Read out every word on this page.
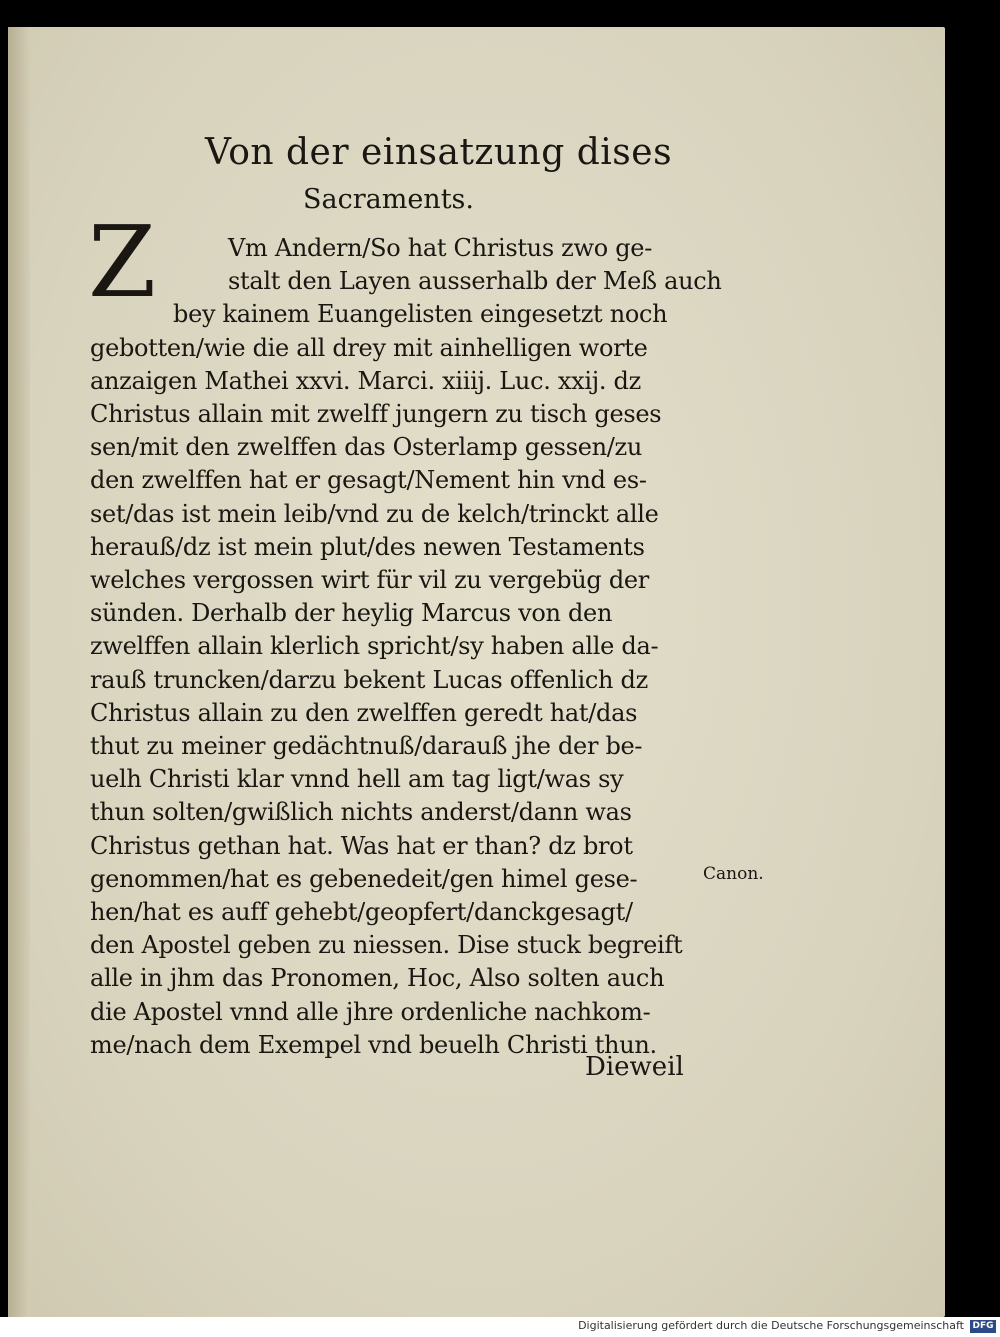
Von der einsatzung dises
Sacraments.
Z	Vm Andern/So hat Christus zwo ge-
stalt den Layen ausserhalb der Meß auch
bey kainem Euangelisten eingesetzt noch
gebotten/wie die all drey mit ainhelligen worte
anzaigen Mathei xxvi. Marci. xiiij. Luc. xxij. dz
Christus allain mit zwelff jungern zu tisch geses
sen/mit den zwelffen das Osterlamp gessen/zu
den zwelffen hat er gesagt/Nement hin vnd es-
set/das ist mein leib/vnd zu de kelch/trinckt alle
herauß/dz ist mein plut/des newen Testaments
welches vergossen wirt für vil zu vergebüg der
sünden. Derhalb der heylig Marcus von den
zwelffen allain klerlich spricht/sy haben alle da-
rauß truncken/darzu bekent Lucas offenlich dz
Christus allain zu den zwelffen geredt hat/das
thut zu meiner gedächtnuß/darauß jhe der be-
uelh Christi klar vnnd hell am tag ligt/was sy
thun solten/gwißlich nichts anderst/dann was
Christus gethan hat. Was hat er than? dz brot
genommen/hat es gebenedeit/gen himel gese-
hen/hat es auff gehebt/geopfert/danckgesagt/
den Apostel geben zu niessen. Dise stuck begreift
alle in jhm das Pronomen, Hoc, Also solten auch
die Apostel vnnd alle jhre ordenliche nachkom-
me/nach dem Exempel vnd beuelh Christi thun.
Canon.
Dieweil
Digitalisierung gefördert durch die Deutsche Forschungsgemeinschaft DFG
